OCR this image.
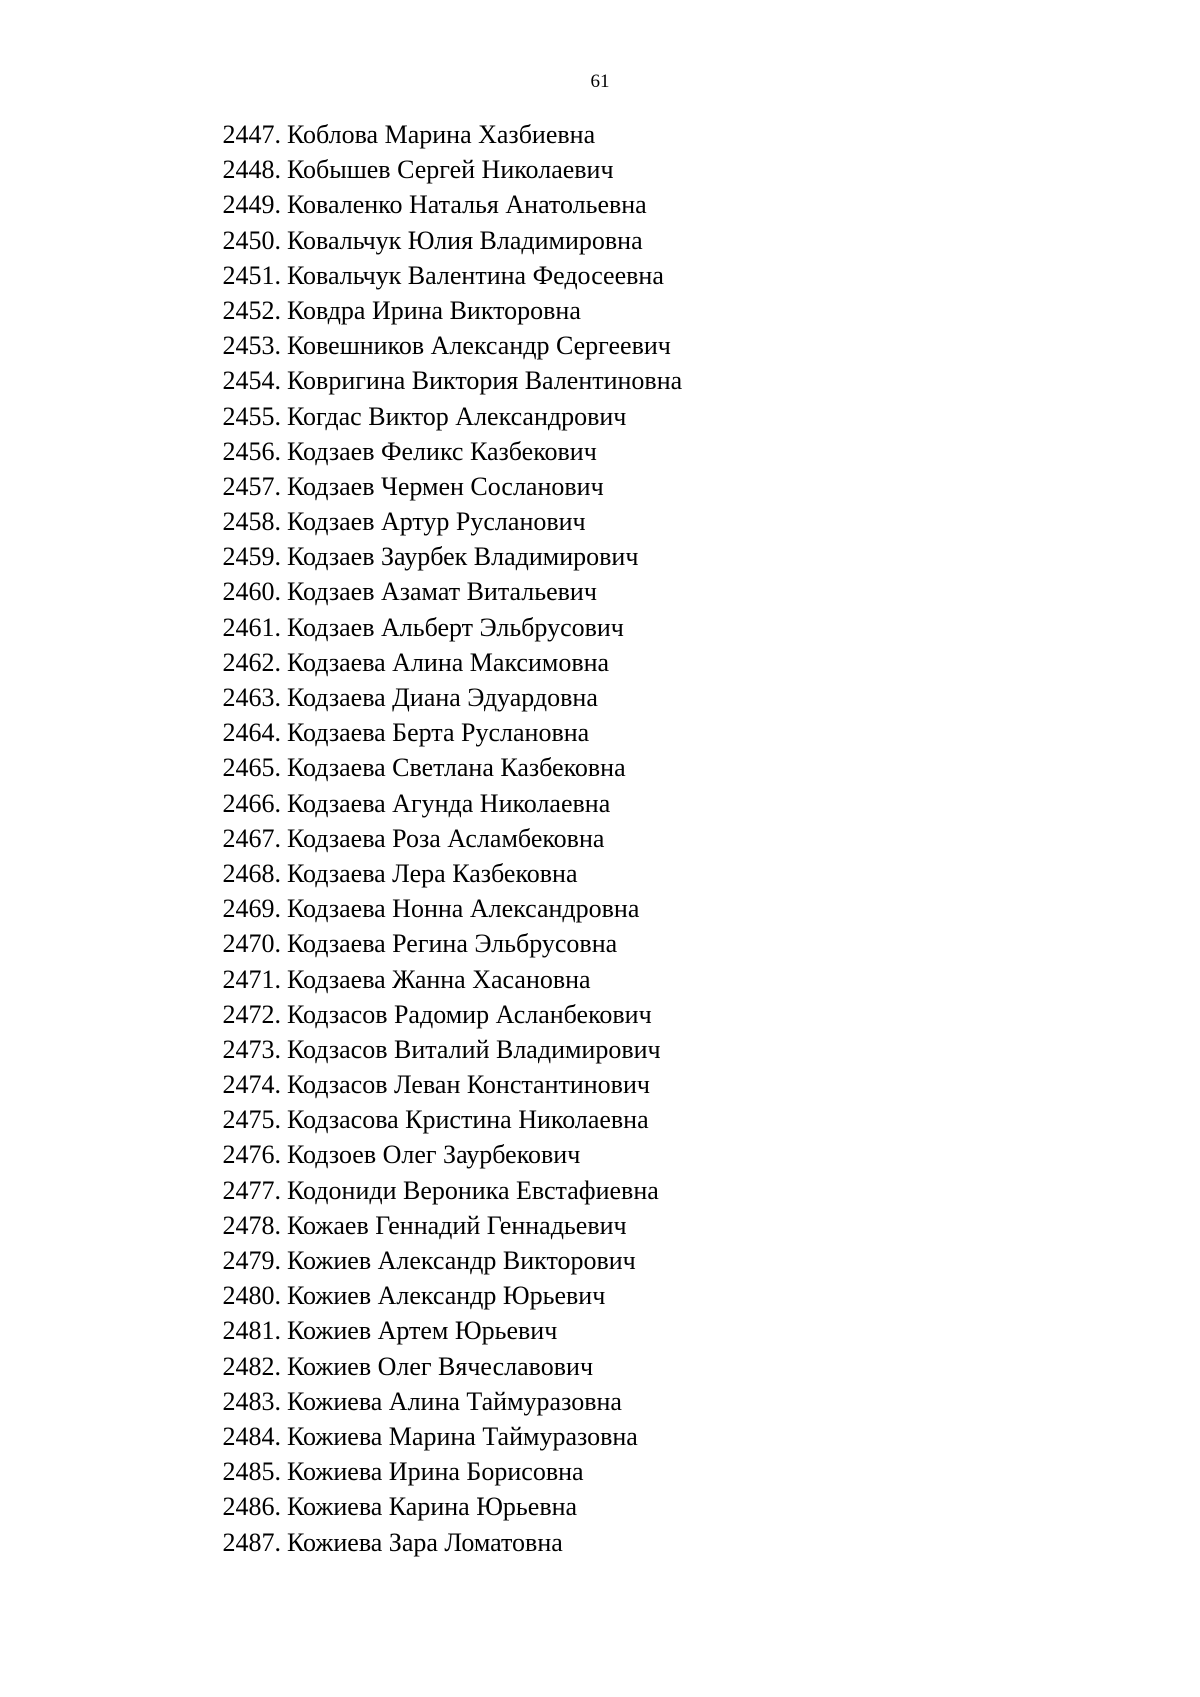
61
2447. Коблова Марина Хазбиевна
2448. Кобышев Сергей Николаевич
2449. Коваленко Наталья Анатольевна
2450. Ковальчук Юлия Владимировна
2451. Ковальчук Валентина Федосеевна
2452. Ковдра Ирина Викторовна
2453. Ковешников Александр Сергеевич
2454. Ковригина Виктория Валентиновна
2455. Когдас Виктор Александрович
2456. Кодзаев Феликс Казбекович
2457. Кодзаев Чермен Сосланович
2458. Кодзаев Артур Русланович
2459. Кодзаев Заурбек Владимирович
2460. Кодзаев Азамат Витальевич
2461. Кодзаев Альберт Эльбрусович
2462. Кодзаева Алина Максимовна
2463. Кодзаева Диана Эдуардовна
2464. Кодзаева Берта Руслановна
2465. Кодзаева Светлана Казбековна
2466. Кодзаева Агунда Николаевна
2467. Кодзаева Роза Асламбековна
2468. Кодзаева Лера Казбековна
2469. Кодзаева Нонна Александровна
2470. Кодзаева Регина Эльбрусовна
2471. Кодзаева Жанна Хасановна
2472. Кодзасов Радомир Асланбекович
2473. Кодзасов Виталий Владимирович
2474. Кодзасов Леван Константинович
2475. Кодзасова Кристина Николаевна
2476. Кодзоев Олег Заурбекович
2477. Кодониди Вероника Евстафиевна
2478. Кожаев Геннадий Геннадьевич
2479. Кожиев Александр Викторович
2480. Кожиев Александр Юрьевич
2481. Кожиев Артем Юрьевич
2482. Кожиев Олег Вячеславович
2483. Кожиева Алина Таймуразовна
2484. Кожиева Марина Таймуразовна
2485. Кожиева Ирина Борисовна
2486. Кожиева Карина Юрьевна
2487. Кожиева Зара Ломатовна
